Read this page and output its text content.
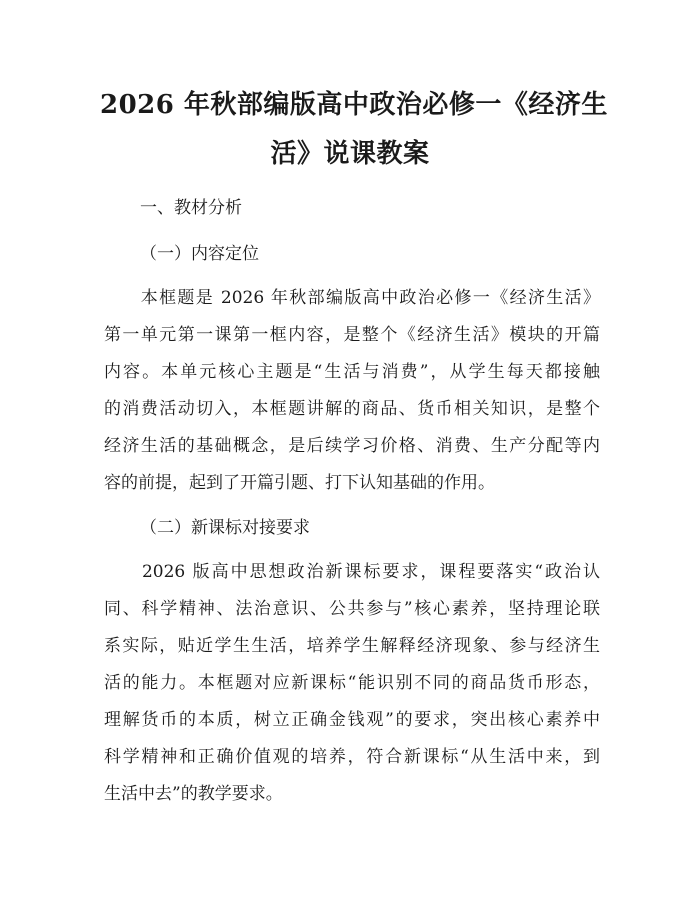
2026 年秋部编版高中政治必修一《经济生
活》说课教案
一、教材分析
（一）内容定位
　　本框题是 2026 年秋部编版高中政治必修一《经济生活》
第一单元第一课第一框内容，是整个《经济生活》模块的开篇
内容。本单元核心主题是“生活与消费”，从学生每天都接触
的消费活动切入，本框题讲解的商品、货币相关知识，是整个
经济生活的基础概念，是后续学习价格、消费、生产分配等内
容的前提，起到了开篇引题、打下认知基础的作用。
（二）新课标对接要求
　　2026 版高中思想政治新课标要求，课程要落实“政治认
同、科学精神、法治意识、公共参与”核心素养，坚持理论联
系实际，贴近学生生活，培养学生解释经济现象、参与经济生
活的能力。本框题对应新课标“能识别不同的商品货币形态，
理解货币的本质，树立正确金钱观”的要求，突出核心素养中
科学精神和正确价值观的培养，符合新课标“从生活中来，到
生活中去”的教学要求。
